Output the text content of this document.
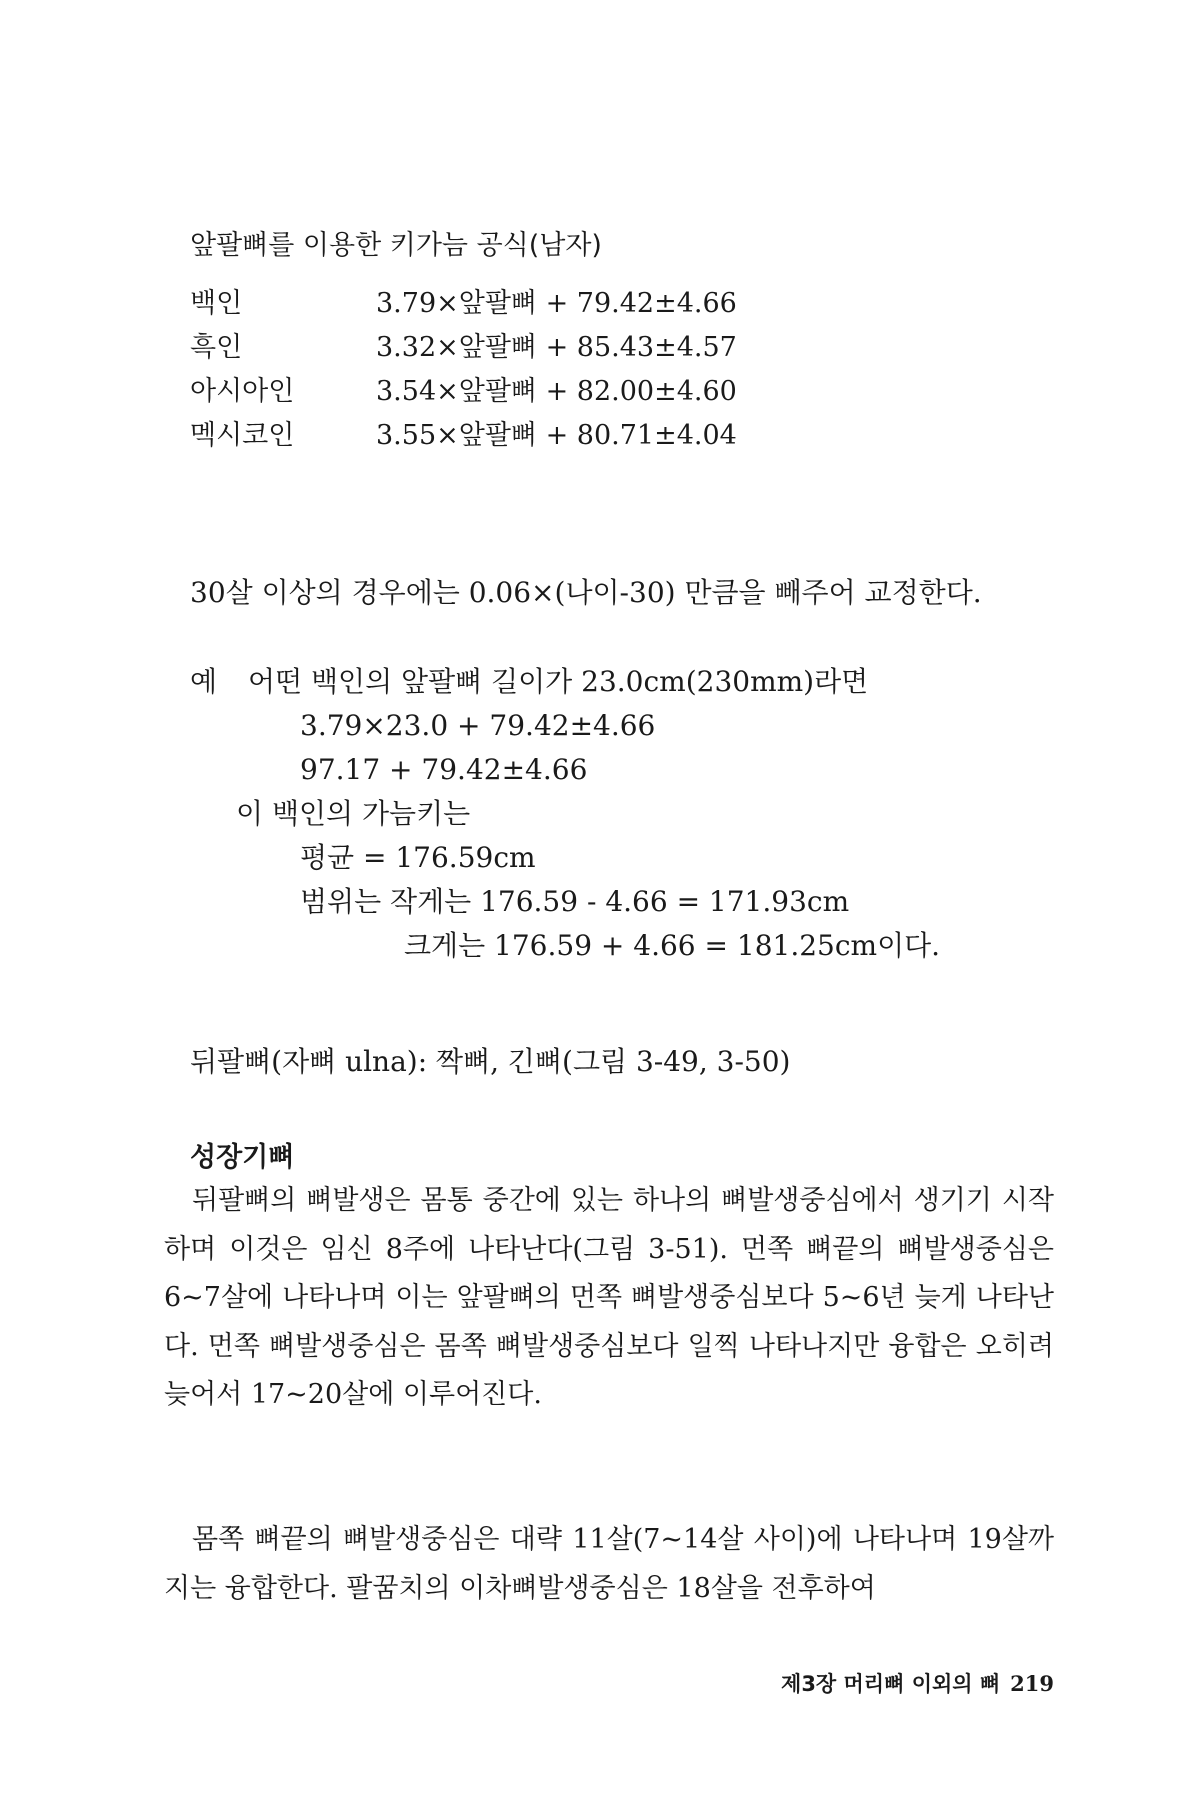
앞팔뼈를 이용한 키가늠 공식(남자)
백인	3.79×앞팔뼈 + 79.42±4.66
흑인	3.32×앞팔뼈 + 85.43±4.57
아시아인	3.54×앞팔뼈 + 82.00±4.60
멕시코인	3.55×앞팔뼈 + 80.71±4.04
30살 이상의 경우에는 0.06×(나이-30) 만큼을 빼주어 교정한다.
예 어떤 백인의 앞팔뼈 길이가 23.0cm(230mm)라면
3.79×23.0 + 79.42±4.66
97.17 + 79.42±4.66
이 백인의 가늠키는
평균 = 176.59cm
범위는 작게는 176.59 - 4.66 = 171.93cm
크게는 176.59 + 4.66 = 181.25cm이다.
뒤팔뼈(자뼈 ulna): 짝뼈, 긴뼈(그림 3-49, 3-50)
성장기뼈
뒤팔뼈의 뼈발생은 몸통 중간에 있는 하나의 뼈발생중심에서 생기기 시작하며 이것은 임신 8주에 나타난다(그림 3-51). 먼쪽 뼈끝의 뼈발생중심은 6~7살에 나타나며 이는 앞팔뼈의 먼쪽 뼈발생중심보다 5~6년 늦게 나타난다. 먼쪽 뼈발생중심은 몸쪽 뼈발생중심보다 일찍 나타나지만 융합은 오히려 늦어서 17~20살에 이루어진다.
몸쪽 뼈끝의 뼈발생중심은 대략 11살(7~14살 사이)에 나타나며 19살까지는 융합한다. 팔꿈치의 이차뼈발생중심은 18살을 전후하여
제3장 머리뼈 이외의 뼈 219
